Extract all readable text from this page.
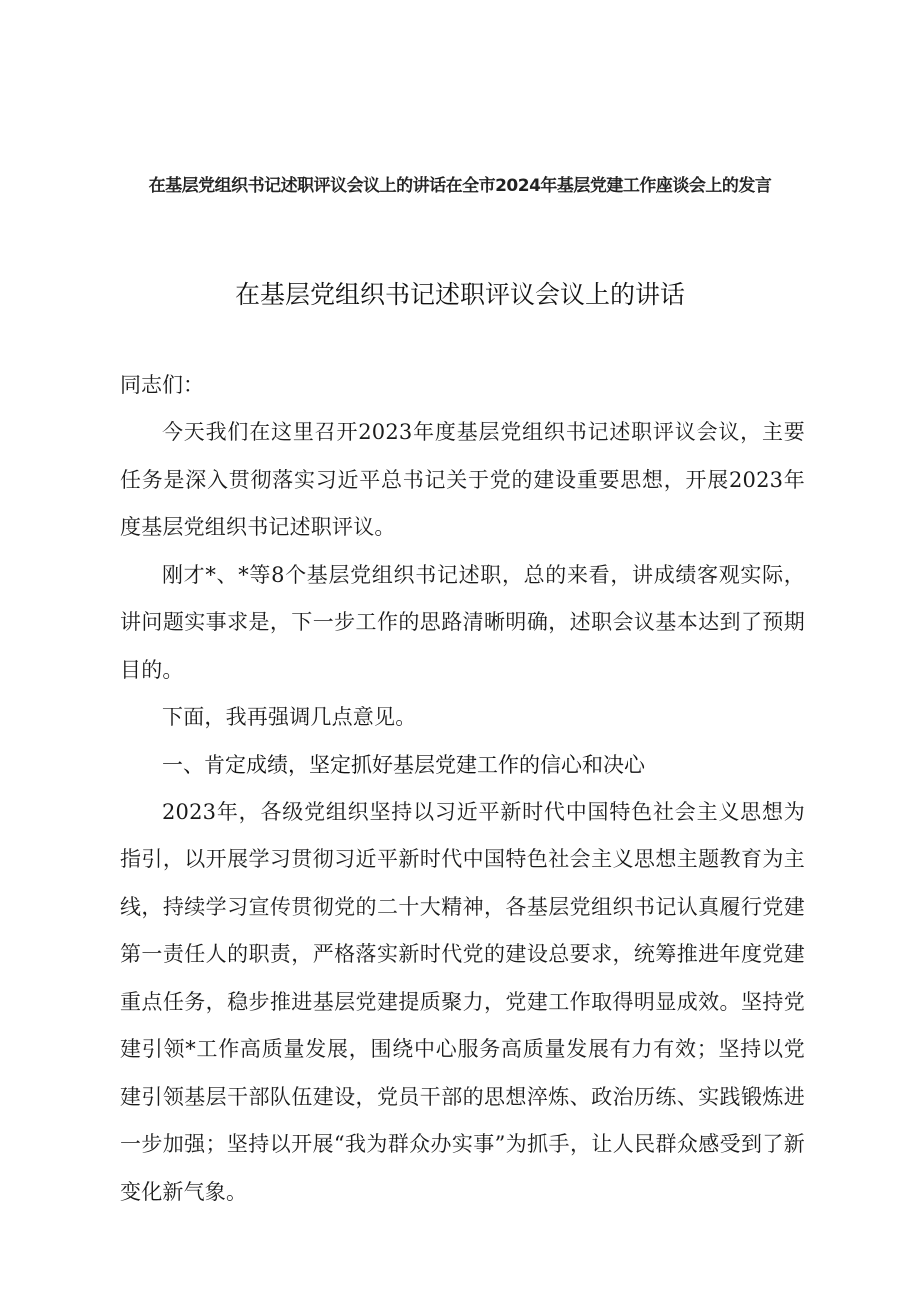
在基层党组织书记述职评议会议上的讲话在全市2024年基层党建工作座谈会上的发言
在基层党组织书记述职评议会议上的讲话

同志们：

今天我们在这里召开2023年度基层党组织书记述职评议会议，主要任务是深入贯彻落实习近平总书记关于党的建设重要思想，开展2023年度基层党组织书记述职评议。

刚才*、*等8个基层党组织书记述职，总的来看，讲成绩客观实际，讲问题实事求是，下一步工作的思路清晰明确，述职会议基本达到了预期目的。

下面，我再强调几点意见。

一、肯定成绩，坚定抓好基层党建工作的信心和决心

2023年，各级党组织坚持以习近平新时代中国特色社会主义思想为指引，以开展学习贯彻习近平新时代中国特色社会主义思想主题教育为主线，持续学习宣传贯彻党的二十大精神，各基层党组织书记认真履行党建第一责任人的职责，严格落实新时代党的建设总要求，统筹推进年度党建重点任务，稳步推进基层党建提质聚力，党建工作取得明显成效。坚持党建引领*工作高质量发展，围绕中心服务高质量发展有力有效；坚持以党建引领基层干部队伍建设，党员干部的思想淬炼、政治历练、实践锻炼进一步加强；坚持以开展“我为群众办实事”为抓手，让人民群众感受到了新变化新气象。
